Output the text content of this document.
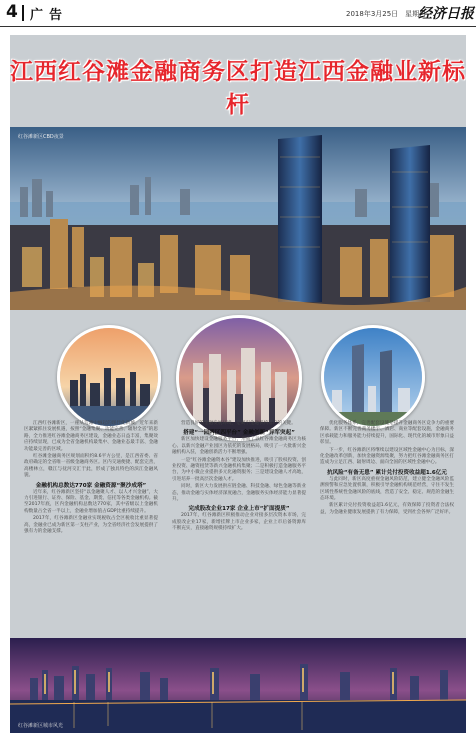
4 广告	2018年3月25日　星期日
经济日报
江西红谷滩金融商务区打造江西金融业新标杆
红谷滩新区CBD夜景

江西红谷滩新区，一座从荒滩中崛起的现代化新城。近年来新区紧紧抓住发展机遇，按照“金融集聚、功能完善、辐射全省”的思路，全力推进红谷滩金融商务区建设，金融业态日益丰富，集聚效应持续显现，已成为全省金融机构最集中、金融业态最丰富、金融功能最完善的区域。

红谷滩金融商务区规划面积约8.6平方公里，是江西省委、省政府确定的全省唯一省级金融商务区。区内交通便捷、配套完善，高楼林立，赣江与抚河交汇于此，形成了独具特色的滨江金融风貌。

金融机构总数达770家 金融资源“聚沙成塔”

近年来，红谷滩新区坚持“以金融聚人才、以人才兴金融”，大力引进银行、证券、保险、基金、期货、信托等各类金融机构。截至2017年底，区内金融机构总数达770家，其中省级以上金融机构数量占全省一半以上，金融业增加值占GDP比重持续提升。

2017年，红谷滩新区金融业实现税收占全区税收比重显著提高，金融业已成为新区第一支柱产业，为全省经济社会发展提供了强有力的金融支撑。

营造良好的金融发展环境，是吸引金融机构落户的关键。

搭建“一园两区四平台” 金融创新“异军突起”

新区加快建设金融服务平台，形成了以红谷滩金融商务区为核心、以新兴金融产业园区为依托的发展格局，吸引了一大批新兴金融机构入驻，金融创新活力不断增强。

一是“红谷滩金融资本谷”建设加快推进，吸引了股权投资、创业投资、融资租赁等新兴金融机构集聚；二是积极打造金融服务平台，为中小微企业提供多元化融资服务；三是建设金融人才高地，引进培养一批高层次金融人才。

同时，新区大力发展供应链金融、科技金融、绿色金融等新业态，推动金融与实体经济深度融合，金融服务实体经济能力显著提升。

完成股改企业17家 企业上市“扩面提质”

2017年，红谷滩新区积极推动企业对接多层次资本市场，完成股改企业17家，新增挂牌上市企业多家，企业上市后备资源库不断充实，直接融资规模持续扩大。

优化服务体系、完善配套设施是提升金融商务区竞争力的重要保障。新区不断完善商务楼宇、酒店、商业等配套设施，金融商务区承载能力和服务能力持续提升，国际化、现代化的城市形象日益彰显。

下一步，红谷滩新区将继续以建设区域性金融中心为目标，深化金融改革创新，加快金融资源集聚，努力把红谷滩金融商务区打造成为立足江西、辐射周边、面向全国的区域性金融中心。

抗风险“有备无患” 累计兑付投资收益超1.6亿元

与此同时，新区高度重视金融风险防范，建立健全金融风险监测预警和应急处置机制，积极引导金融机构规范经营，守住不发生区域性系统性金融风险的底线，营造了安全、稳定、规范的金融生态环境。

新区累计兑付投资收益超1.6亿元，有效保障了投资者合法权益，为金融业健康发展提供了有力保障，受到社会各界广泛好评。

红谷滩新区城市风光
